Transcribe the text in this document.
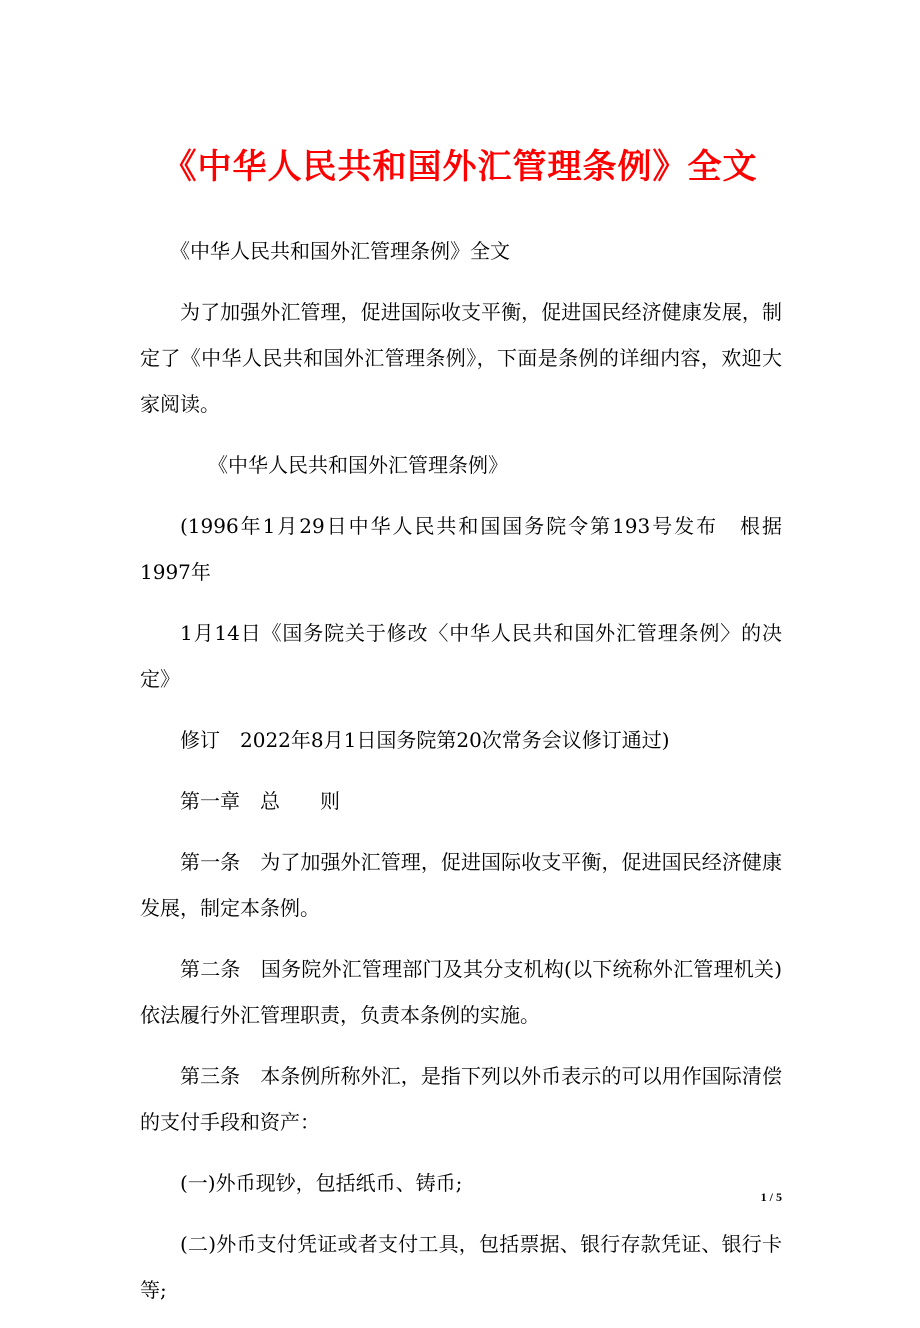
《中华人民共和国外汇管理条例》全文

《中华人民共和国外汇管理条例》全文

为了加强外汇管理，促进国际收支平衡，促进国民经济健康发展，制定了《中华人民共和国外汇管理条例》，下面是条例的详细内容，欢迎大家阅读。

《中华人民共和国外汇管理条例》

(1996年1月29日中华人民共和国国务院令第193号发布　根据1997年

1月14日《国务院关于修改〈中华人民共和国外汇管理条例〉的决定》

修订　2022年8月1日国务院第20次常务会议修订通过)

第一章　总　　则

第一条　为了加强外汇管理，促进国际收支平衡，促进国民经济健康发展，制定本条例。

第二条　国务院外汇管理部门及其分支机构(以下统称外汇管理机关)依法履行外汇管理职责，负责本条例的实施。

第三条　本条例所称外汇，是指下列以外币表示的可以用作国际清偿的支付手段和资产：

(一)外币现钞，包括纸币、铸币;

(二)外币支付凭证或者支付工具，包括票据、银行存款凭证、银行卡等;

1 / 5
